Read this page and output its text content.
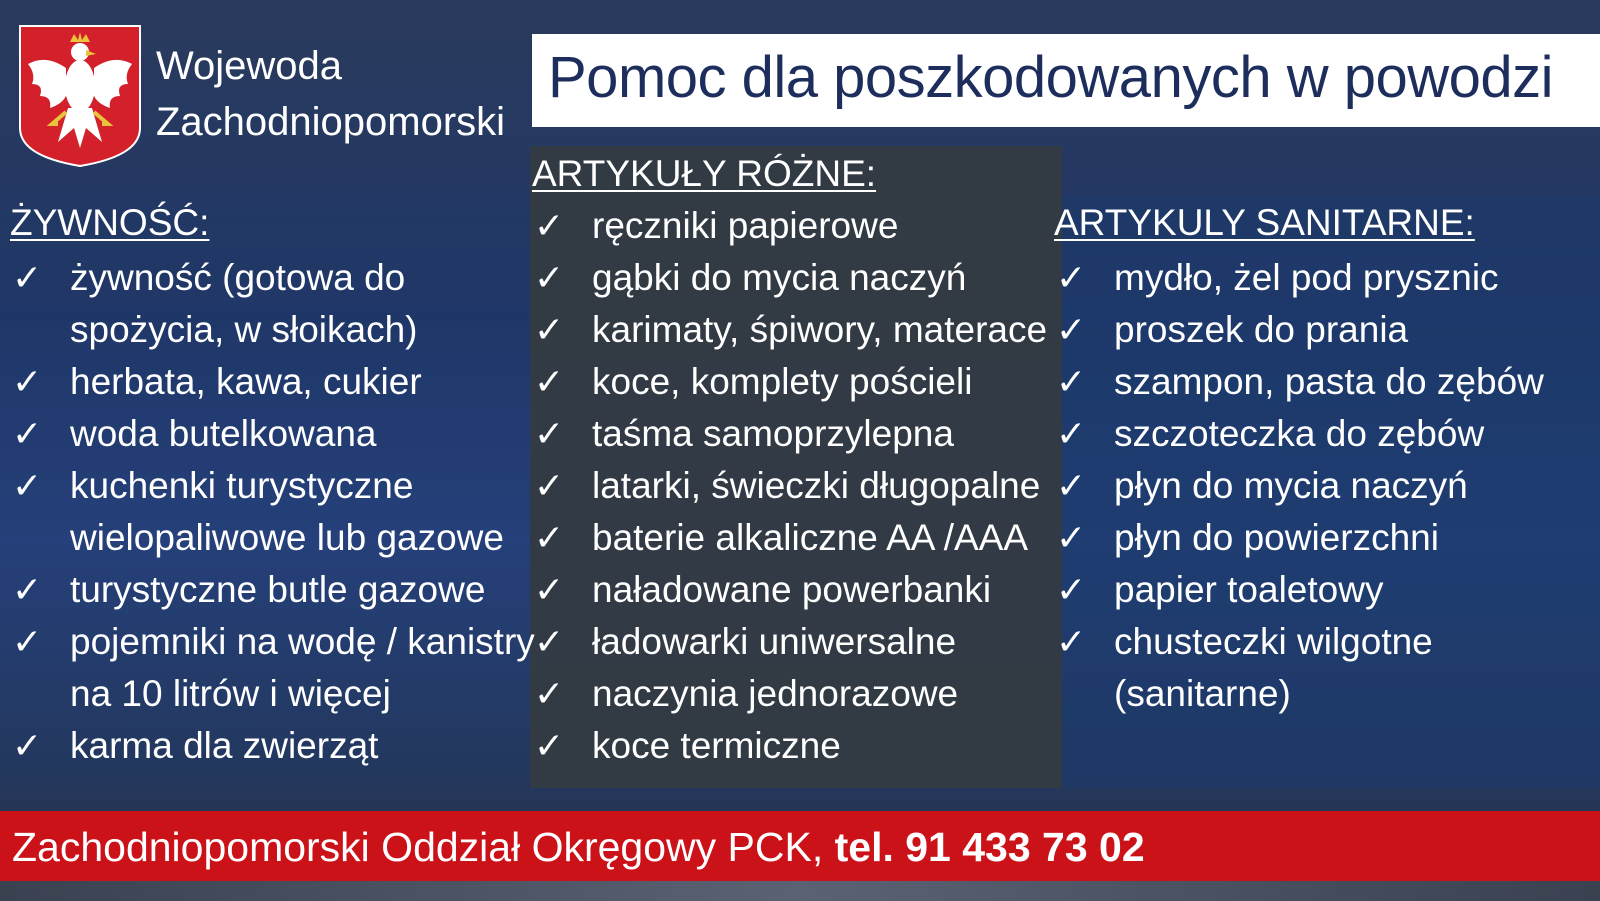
Wojewoda
Zachodniopomorski
Pomoc dla poszkodowanych w powodzi
ŻYWNOŚĆ:
ARTYKUŁY RÓŻNE:
ARTYKULY SANITARNE:
✓ żywność (gotowa do
spożycia, w słoikach)
✓ herbata, kawa, cukier
✓ woda butelkowana
✓ kuchenki turystyczne
wielopaliwowe lub gazowe
✓ turystyczne butle gazowe
✓ pojemniki na wodę / kanistry
na 10 litrów i więcej
✓ karma dla zwierząt
✓ ręczniki papierowe
✓ gąbki do mycia naczyń
✓ karimaty, śpiwory, materace
✓ koce, komplety pościeli
✓ taśma samoprzylepna
✓ latarki, świeczki długopalne
✓ baterie alkaliczne AA /AAA
✓ naładowane powerbanki
✓ ładowarki uniwersalne
✓ naczynia jednorazowe
✓ koce termiczne
✓ mydło, żel pod prysznic
✓ proszek do prania
✓ szampon, pasta do zębów
✓ szczoteczka do zębów
✓ płyn do mycia naczyń
✓ płyn do powierzchni
✓ papier toaletowy
✓ chusteczki wilgotne
(sanitarne)
Zachodniopomorski Oddział Okręgowy PCK, tel. 91 433 73 02
